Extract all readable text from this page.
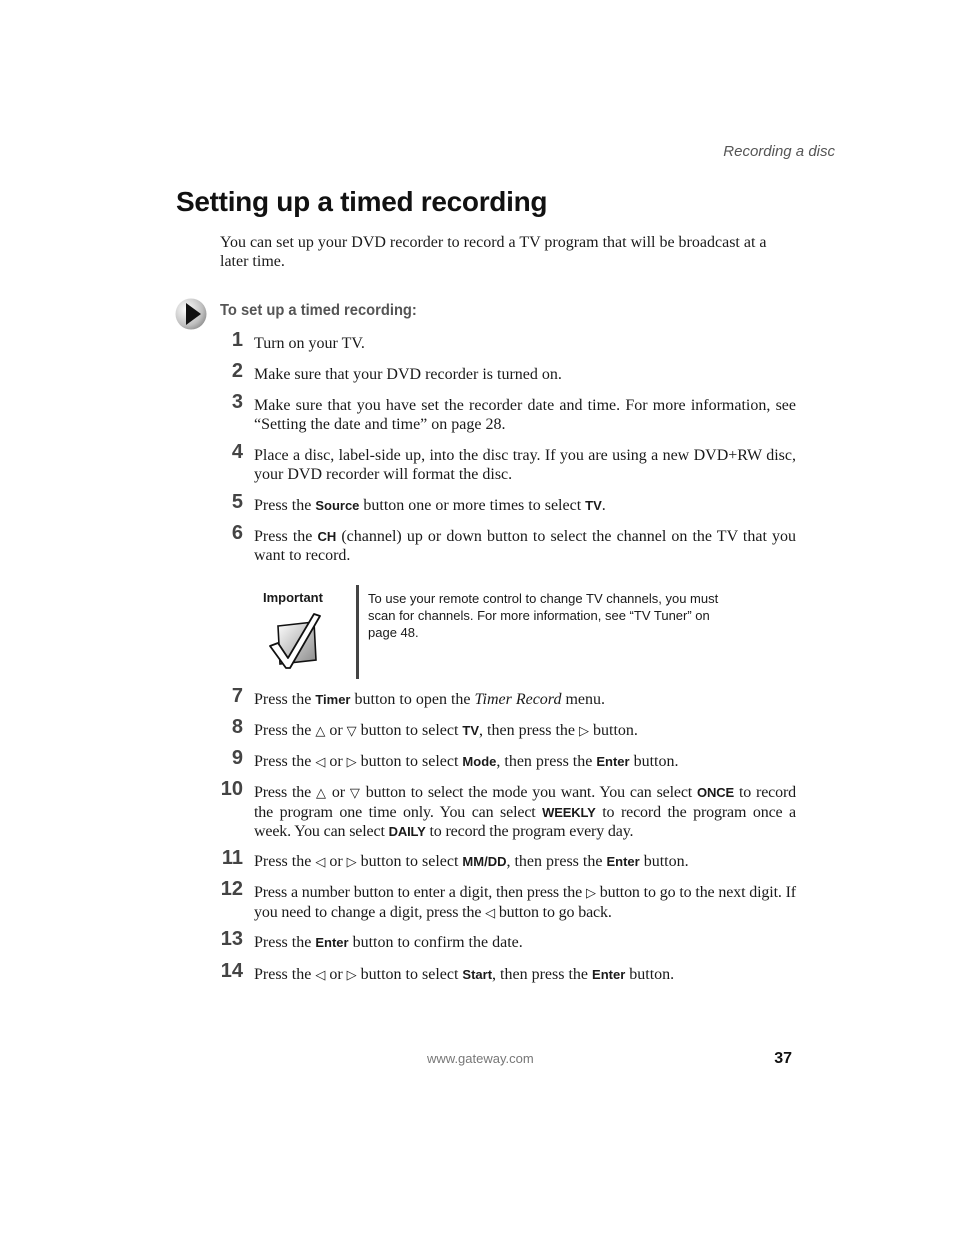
Recording a disc
Setting up a timed recording

You can set up your DVD recorder to record a TV program that will be broadcast at a later time.

To set up a timed recording:
1 Turn on your TV.
2 Make sure that your DVD recorder is turned on.
3 Make sure that you have set the recorder date and time. For more information, see “Setting the date and time” on page 28.
4 Place a disc, label-side up, into the disc tray. If you are using a new DVD+RW disc, your DVD recorder will format the disc.
5 Press the Source button one or more times to select TV.
6 Press the CH (channel) up or down button to select the channel on the TV that you want to record.
Important	To use your remote control to change TV channels, you must scan for channels. For more information, see “TV Tuner” on page 48.
7 Press the Timer button to open the Timer Record menu.
8 Press the △ or ▽ button to select TV, then press the ▷ button.
9 Press the ◁ or ▷ button to select Mode, then press the Enter button.
10 Press the △ or ▽ button to select the mode you want. You can select ONCE to record the program one time only. You can select WEEKLY to record the program once a week. You can select DAILY to record the program every day.
11 Press the ◁ or ▷ button to select MM/DD, then press the Enter button.
12 Press a number button to enter a digit, then press the ▷ button to go to the next digit. If you need to change a digit, press the ◁ button to go back.
13 Press the Enter button to confirm the date.
14 Press the ◁ or ▷ button to select Start, then press the Enter button.
www.gateway.com	37
